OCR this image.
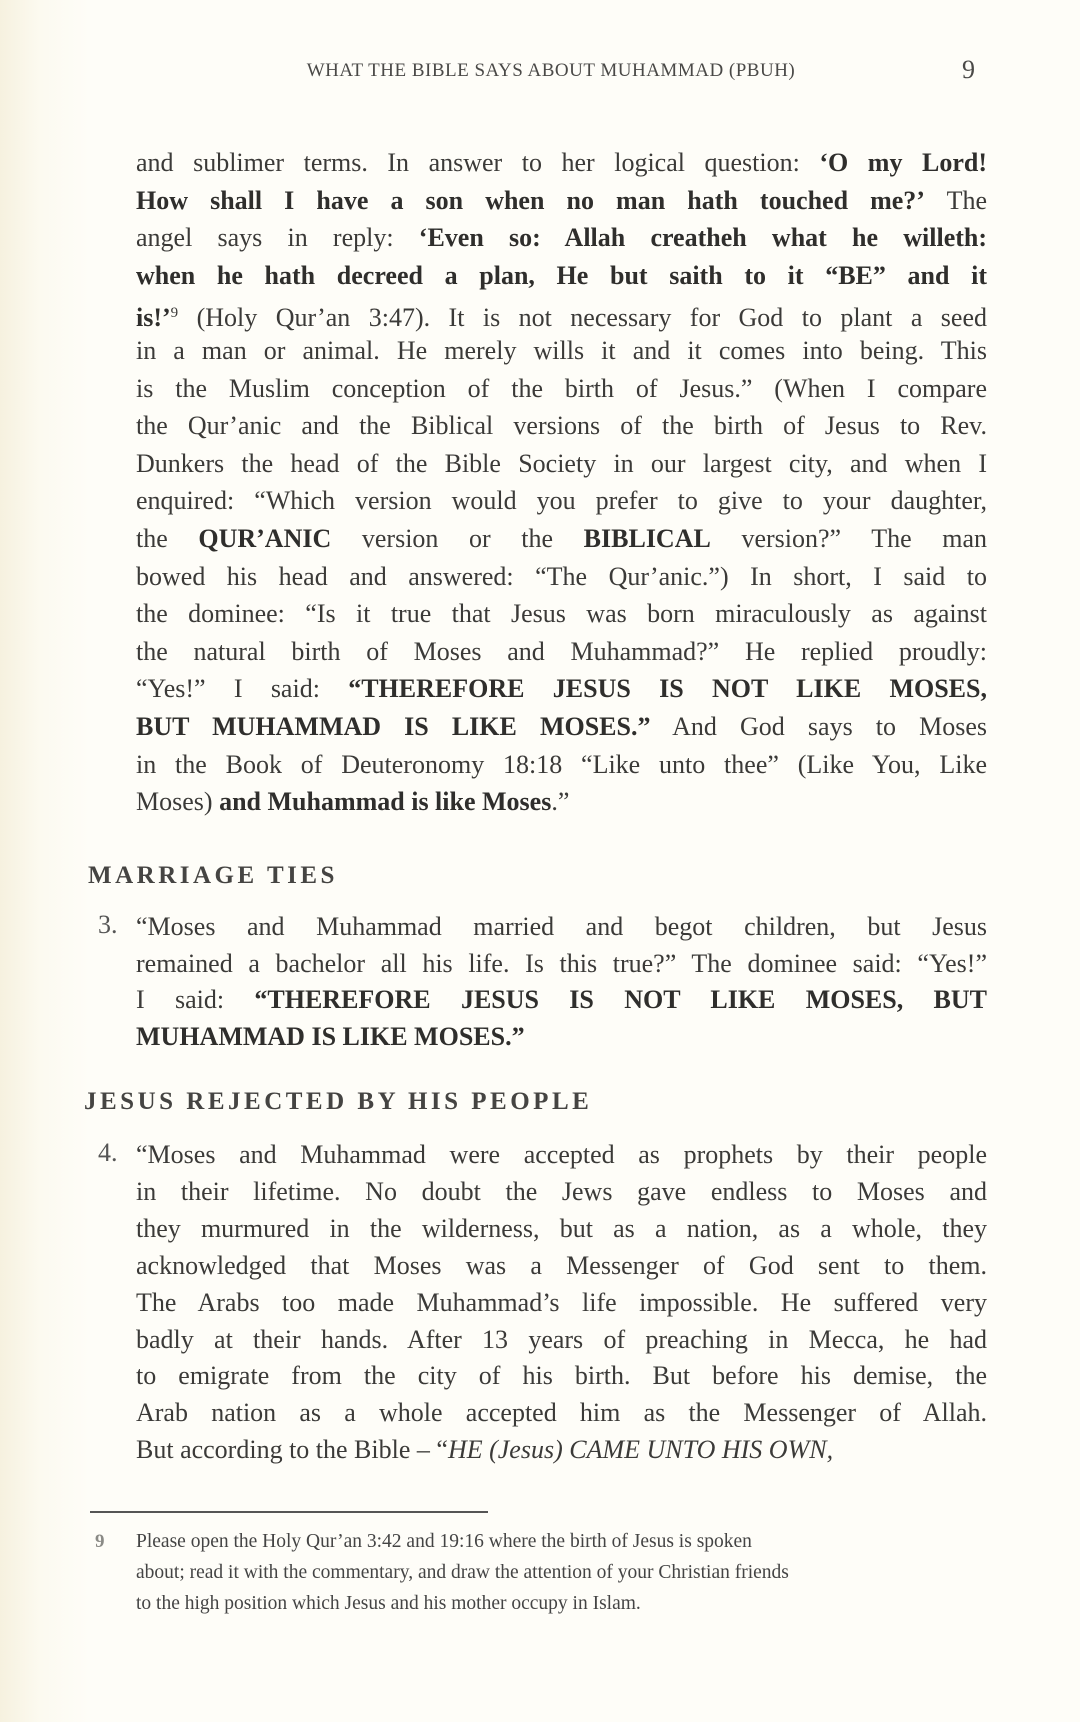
WHAT THE BIBLE SAYS ABOUT MUHAMMAD (PBUH)	9
and sublimer terms. In answer to her logical question: ‘O my Lord!
How shall I have a son when no man hath touched me?’ The
angel says in reply: ‘Even so: Allah creatheh what he willeth:
when he hath decreed a plan, He but saith to it “BE” and it
is!’$^9$ (Holy Qur’an 3:47). It is not necessary for God to plant a seed
in a man or animal. He merely wills it and it comes into being. This
is the Muslim conception of the birth of Jesus.” (When I compare
the Qur’anic and the Biblical versions of the birth of Jesus to Rev.
Dunkers the head of the Bible Society in our largest city, and when I
enquired: “Which version would you prefer to give to your daughter,
the QUR’ANIC version or the BIBLICAL version?” The man
bowed his head and answered: “The Qur’anic.”) In short, I said to
the dominee: “Is it true that Jesus was born miraculously as against
the natural birth of Moses and Muhammad?” He replied proudly:
“Yes!” I said: “THEREFORE JESUS IS NOT LIKE MOSES,
BUT MUHAMMAD IS LIKE MOSES.” And God says to Moses
in the Book of Deuteronomy 18:18 “Like unto thee” (Like You, Like
Moses) and Muhammad is like Moses.”
MARRIAGE TIES
3. “Moses and Muhammad married and begot children, but Jesus
remained a bachelor all his life. Is this true?” The dominee said: “Yes!”
I said: “THEREFORE JESUS IS NOT LIKE MOSES, BUT
MUHAMMAD IS LIKE MOSES.”
JESUS REJECTED BY HIS PEOPLE
4. “Moses and Muhammad were accepted as prophets by their people
in their lifetime. No doubt the Jews gave endless to Moses and
they murmured in the wilderness, but as a nation, as a whole, they
acknowledged that Moses was a Messenger of God sent to them.
The Arabs too made Muhammad’s life impossible. He suffered very
badly at their hands. After 13 years of preaching in Mecca, he had
to emigrate from the city of his birth. But before his demise, the
Arab nation as a whole accepted him as the Messenger of Allah.
But according to the Bible – “HE (Jesus) CAME UNTO HIS OWN,
9 Please open the Holy Qur’an 3:42 and 19:16 where the birth of Jesus is spoken
about; read it with the commentary, and draw the attention of your Christian friends
to the high position which Jesus and his mother occupy in Islam.
